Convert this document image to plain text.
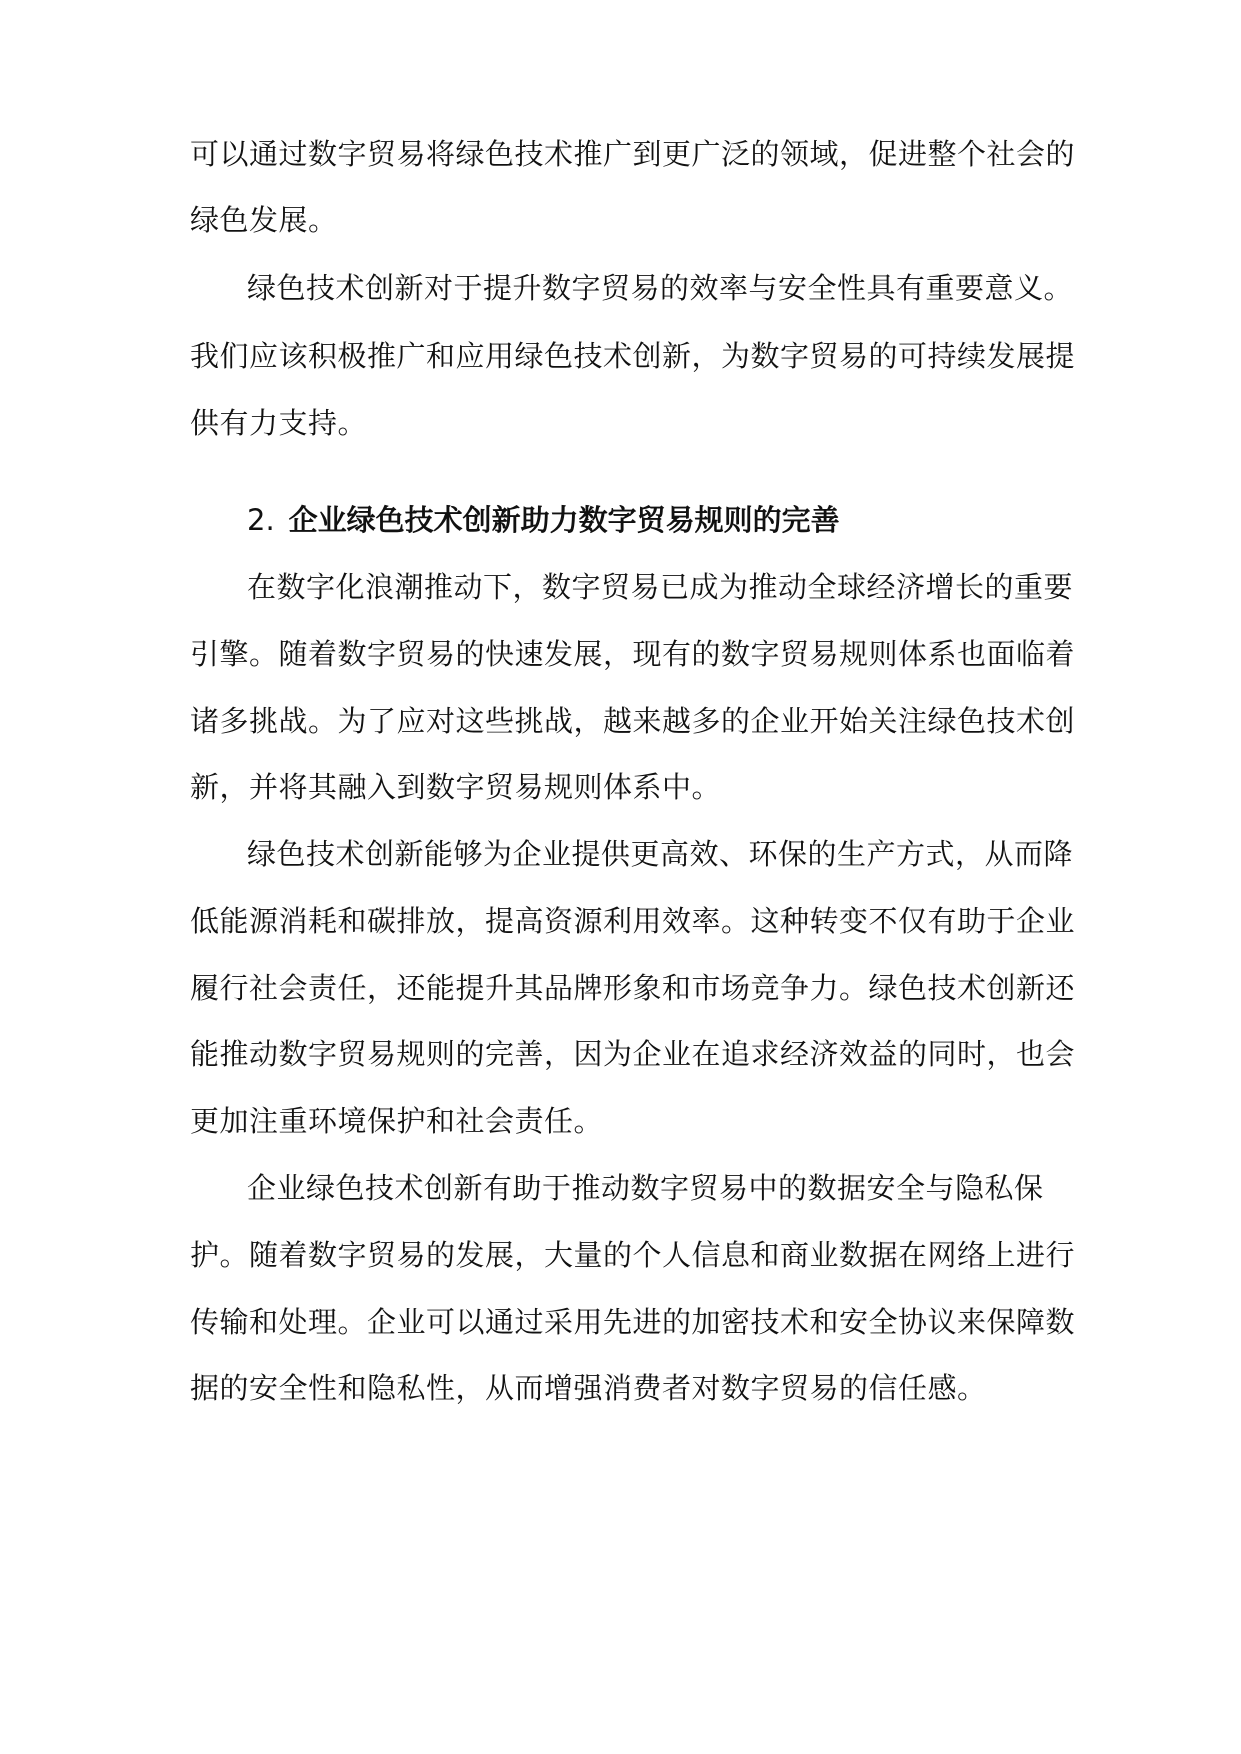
可以通过数字贸易将绿色技术推广到更广泛的领域，促进整个社会的
绿色发展。
绿色技术创新对于提升数字贸易的效率与安全性具有重要意义。
我们应该积极推广和应用绿色技术创新，为数字贸易的可持续发展提
供有力支持。
2. 企业绿色技术创新助力数字贸易规则的完善
在数字化浪潮推动下，数字贸易已成为推动全球经济增长的重要
引擎。随着数字贸易的快速发展，现有的数字贸易规则体系也面临着
诸多挑战。为了应对这些挑战，越来越多的企业开始关注绿色技术创
新，并将其融入到数字贸易规则体系中。
绿色技术创新能够为企业提供更高效、环保的生产方式，从而降
低能源消耗和碳排放，提高资源利用效率。这种转变不仅有助于企业
履行社会责任，还能提升其品牌形象和市场竞争力。绿色技术创新还
能推动数字贸易规则的完善，因为企业在追求经济效益的同时，也会
更加注重环境保护和社会责任。
企业绿色技术创新有助于推动数字贸易中的数据安全与隐私保
护。随着数字贸易的发展，大量的个人信息和商业数据在网络上进行
传输和处理。企业可以通过采用先进的加密技术和安全协议来保障数
据的安全性和隐私性，从而增强消费者对数字贸易的信任感。
